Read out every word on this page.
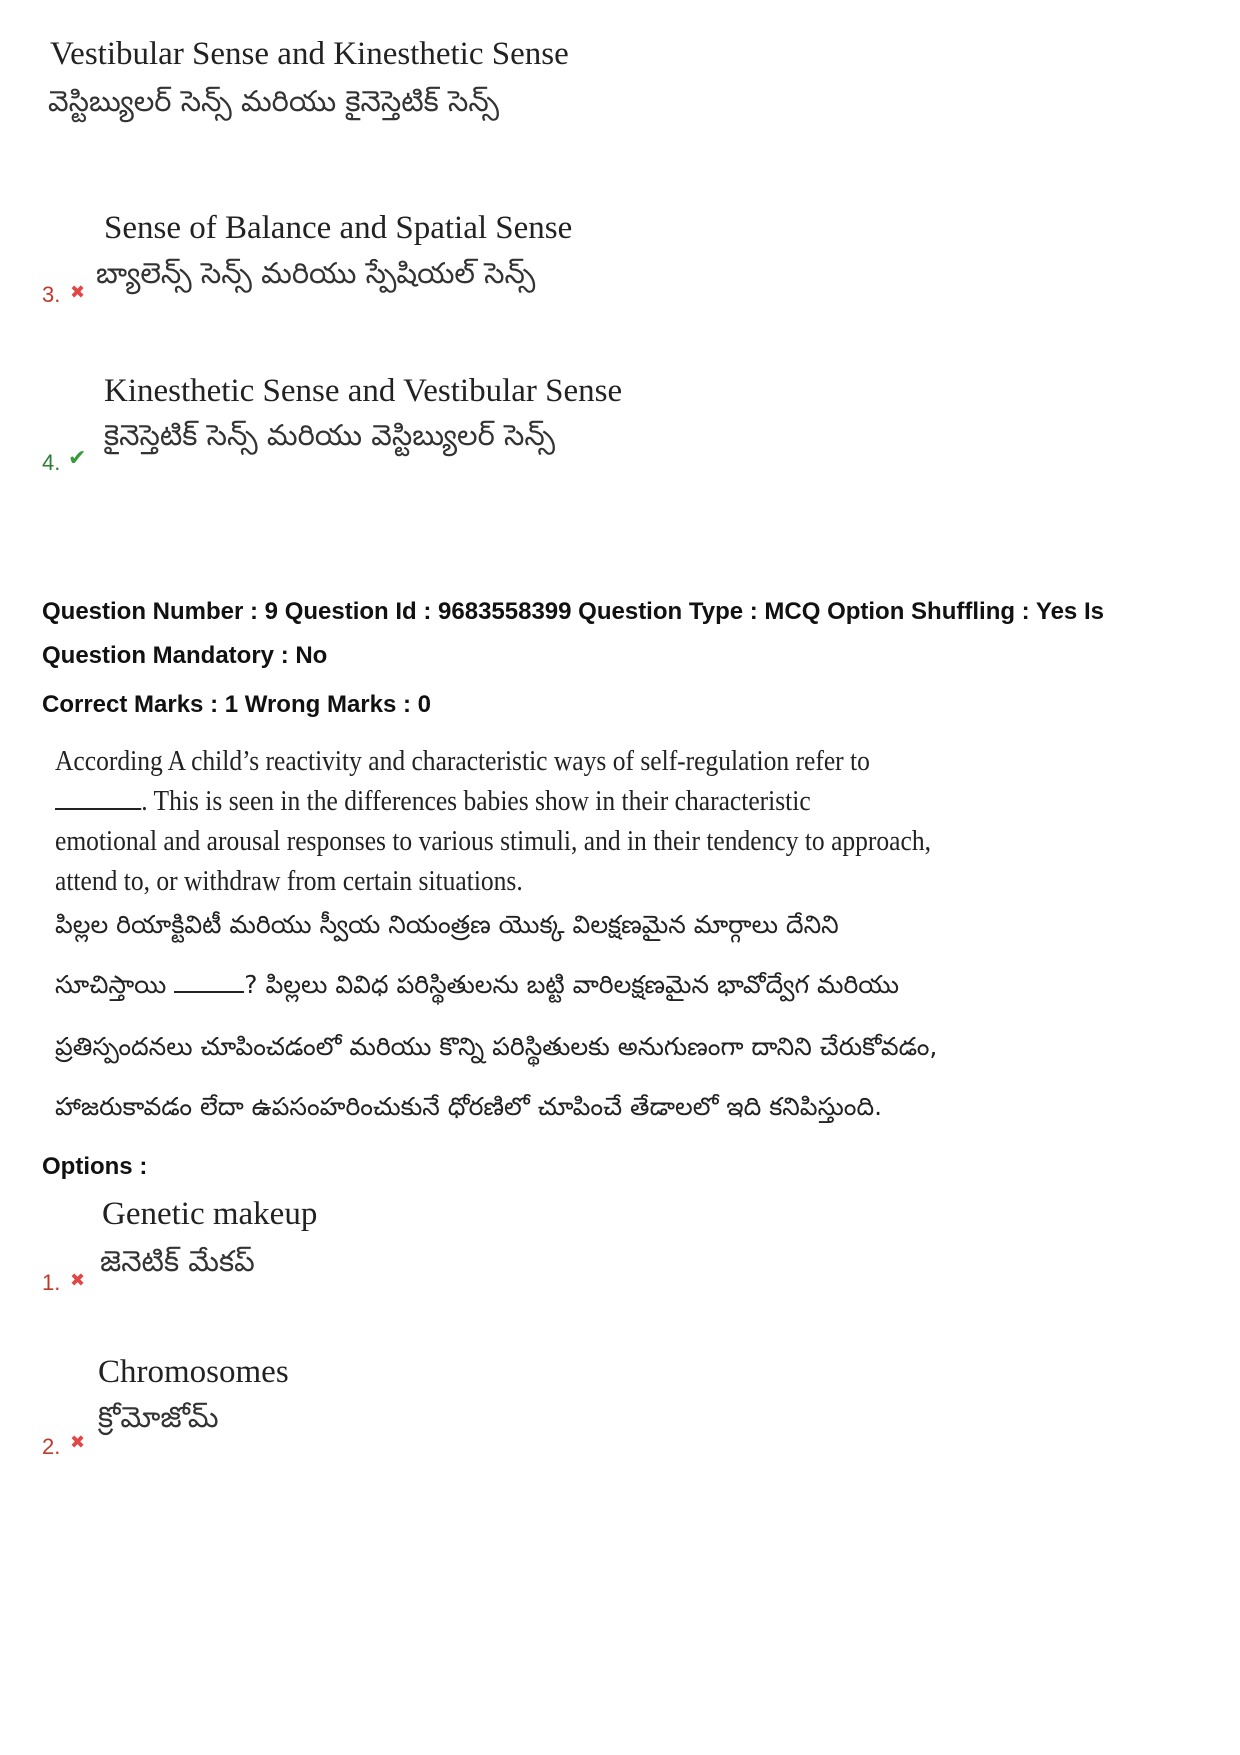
Vestibular Sense and Kinesthetic Sense
వెస్టిబ్యులర్ సెన్స్ మరియు కైనెస్తెటిక్ సెన్స్
Sense of Balance and Spatial Sense
బ్యాలెన్స్ సెన్స్ మరియు స్పేషియల్ సెన్స్
3. ✖
Kinesthetic Sense and Vestibular Sense
కైనెస్తెటిక్ సెన్స్ మరియు వెస్టిబ్యులర్ సెన్స్
4. ✔
Question Number : 9 Question Id : 9683558399 Question Type : MCQ Option Shuffling : Yes Is
Question Mandatory : No
Correct Marks : 1 Wrong Marks : 0
According A child’s reactivity and characteristic ways of self-regulation refer to
. This is seen in the differences babies show in their characteristic
emotional and arousal responses to various stimuli, and in their tendency to approach,
attend to, or withdraw from certain situations.
పిల్లల రియాక్టివిటీ మరియు స్వీయ నియంత్రణ యొక్క విలక్షణమైన మార్గాలు దేనిని
సూచిస్తాయి	? పిల్లలు వివిధ పరిస్థితులను బట్టి వారిలక్షణమైన భావోద్వేగ మరియు
ప్రతిస్పందనలు చూపించడంలో మరియు కొన్ని పరిస్థితులకు అనుగుణంగా దానిని చేరుకోవడం,
హాజరుకావడం లేదా ఉపసంహరించుకునే ధోరణిలో చూపించే తేడాలలో ఇది కనిపిస్తుంది.
Options :
Genetic makeup
జెనెటిక్ మేకప్
1. ✖
Chromosomes
క్రోమోజోమ్
2. ✖
